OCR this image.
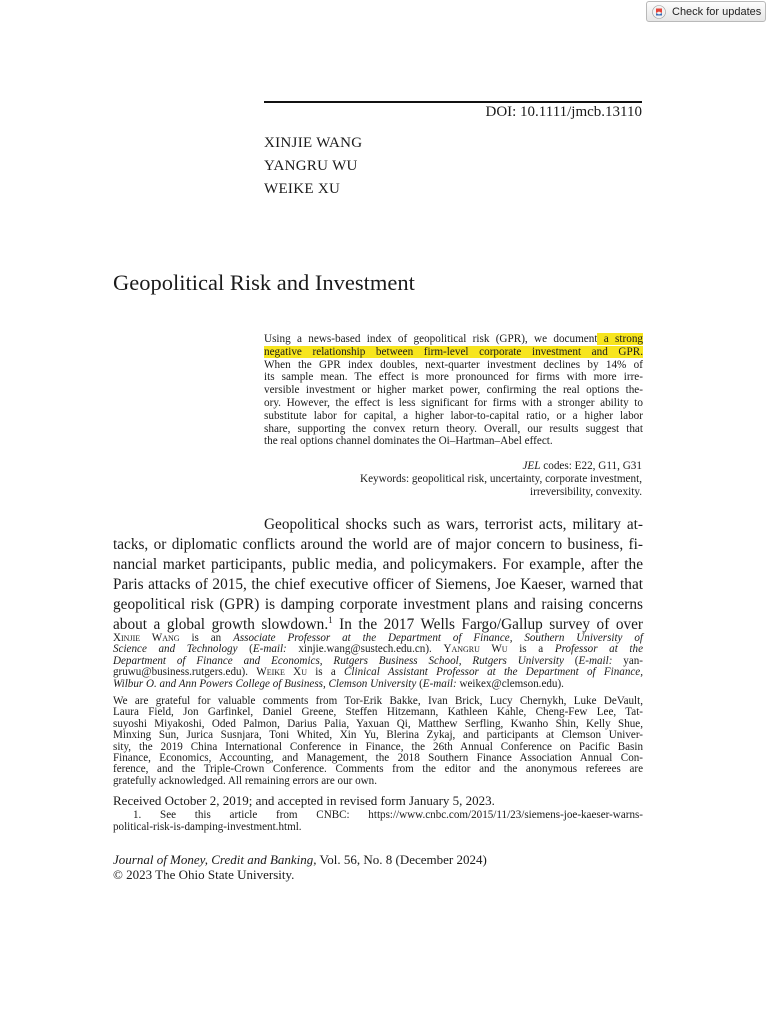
Check for updates
DOI: 10.1111/jmcb.13110
XINJIE WANG
YANGRU WU
WEIKE XU
Geopolitical Risk and Investment
Using a news-based index of geopolitical risk (GPR), we document a strong
negative relationship between firm-level corporate investment and GPR.
When the GPR index doubles, next-quarter investment declines by 14% of
its sample mean. The effect is more pronounced for firms with more irre-
versible investment or higher market power, confirming the real options the-
ory. However, the effect is less significant for firms with a stronger ability to
substitute labor for capital, a higher labor-to-capital ratio, or a higher labor
share, supporting the convex return theory. Overall, our results suggest that
the real options channel dominates the Oi–Hartman–Abel effect.
JEL codes: E22, G11, G31
Keywords: geopolitical risk, uncertainty, corporate investment,
irreversibility, convexity.
Geopolitical shocks such as wars, terrorist acts, military at-
tacks, or diplomatic conflicts around the world are of major concern to business, fi-
nancial market participants, public media, and policymakers. For example, after the
Paris attacks of 2015, the chief executive officer of Siemens, Joe Kaeser, warned that
geopolitical risk (GPR) is damping corporate investment plans and raising concerns
about a global growth slowdown.$^1$ In the 2017 Wells Fargo/Gallup survey of over
Xinjie Wang is an Associate Professor at the Department of Finance, Southern University of
Science and Technology (E-mail: xinjie.wang@sustech.edu.cn). Yangru Wu is a Professor at the
Department of Finance and Economics, Rutgers Business School, Rutgers University (E-mail: yan-
gruwu@business.rutgers.edu). Weike Xu is a Clinical Assistant Professor at the Department of Finance,
Wilbur O. and Ann Powers College of Business, Clemson University (E-mail: weikex@clemson.edu).
We are grateful for valuable comments from Tor-Erik Bakke, Ivan Brick, Lucy Chernykh, Luke DeVault,
Laura Field, Jon Garfinkel, Daniel Greene, Steffen Hitzemann, Kathleen Kahle, Cheng-Few Lee, Tat-
suyoshi Miyakoshi, Oded Palmon, Darius Palia, Yaxuan Qi, Matthew Serfling, Kwanho Shin, Kelly Shue,
Minxing Sun, Jurica Susnjara, Toni Whited, Xin Yu, Blerina Zykaj, and participants at Clemson Univer-
sity, the 2019 China International Conference in Finance, the 26th Annual Conference on Pacific Basin
Finance, Economics, Accounting, and Management, the 2018 Southern Finance Association Annual Con-
ference, and the Triple-Crown Conference. Comments from the editor and the anonymous referees are
gratefully acknowledged. All remaining errors are our own.
Received October 2, 2019; and accepted in revised form January 5, 2023.
1. See this article from CNBC: https://www.cnbc.com/2015/11/23/siemens-joe-kaeser-warns-
political-risk-is-damping-investment.html.
Journal of Money, Credit and Banking, Vol. 56, No. 8 (December 2024)
© 2023 The Ohio State University.
